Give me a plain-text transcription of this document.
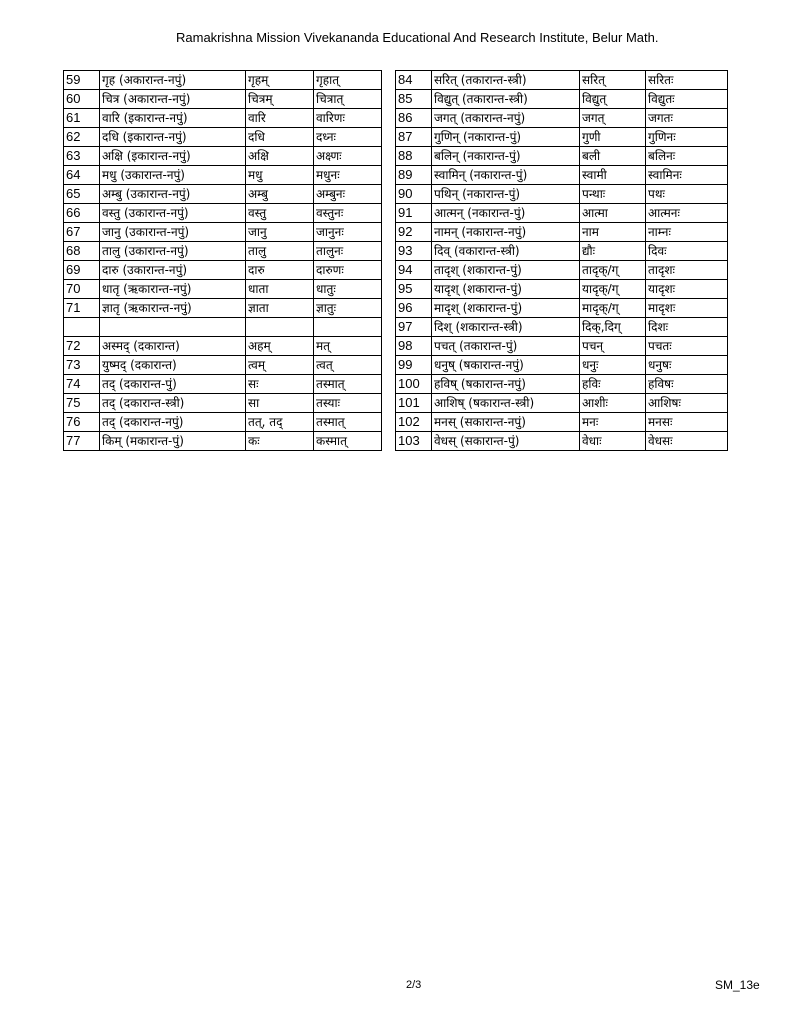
Ramakrishna Mission Vivekananda Educational And Research Institute, Belur Math.
59	गृह (अकारान्त-नपुं)	गृहम्	गृहात्
60	चित्र (अकारान्त-नपुं)	चित्रम्	चित्रात्
61	वारि (इकारान्त-नपुं)	वारि	वारिणः
62	दधि (इकारान्त-नपुं)	दधि	दध्नः
63	अक्षि (इकारान्त-नपुं)	अक्षि	अक्ष्णः
64	मधु (उकारान्त-नपुं)	मधु	मधुनः
65	अम्बु (उकारान्त-नपुं)	अम्बु	अम्बुनः
66	वस्तु (उकारान्त-नपुं)	वस्तु	वस्तुनः
67	जानु (उकारान्त-नपुं)	जानु	जानुनः
68	तालु (उकारान्त-नपुं)	तालु	तालुनः
69	दारु (उकारान्त-नपुं)	दारु	दारुणः
70	धातृ (ऋकारान्त-नपुं)	धाता	धातुः
71	ज्ञातृ (ऋकारान्त-नपुं)	ज्ञाता	ज्ञातुः

72	अस्मद् (दकारान्त)	अहम्	मत्
73	युष्मद् (दकारान्त)	त्वम्	त्वत्
74	तद् (दकारान्त-पुं)	सः	तस्मात्
75	तद् (दकारान्त-स्त्री)	सा	तस्याः
76	तद् (दकारान्त-नपुं)	तत्, तद्	तस्मात्
77	किम् (मकारान्त-पुं)	कः	कस्मात्
84	सरित् (तकारान्त-स्त्री)	सरित्	सरितः
85	विद्युत् (तकारान्त-स्त्री)	विद्युत्	विद्युतः
86	जगत् (तकारान्त-नपुं)	जगत्	जगतः
87	गुणिन् (नकारान्त-पुं)	गुणी	गुणिनः
88	बलिन् (नकारान्त-पुं)	बली	बलिनः
89	स्वामिन् (नकारान्त-पुं)	स्वामी	स्वामिनः
90	पथिन् (नकारान्त-पुं)	पन्थाः	पथः
91	आत्मन् (नकारान्त-पुं)	आत्मा	आत्मनः
92	नामन् (नकारान्त-नपुं)	नाम	नाम्नः
93	दिव् (वकारान्त-स्त्री)	द्यौः	दिवः
94	तादृश् (शकारान्त-पुं)	तादृक्/ग्	तादृशः
95	यादृश् (शकारान्त-पुं)	यादृक्/ग्	यादृशः
96	मादृश् (शकारान्त-पुं)	मादृक्/ग्	मादृशः
97	दिश् (शकारान्त-स्त्री)	दिक्,दिग्	दिशः
98	पचत् (तकारान्त-पुं)	पचन्	पचतः
99	धनुष् (षकारान्त-नपुं)	धनुः	धनुषः
100	हविष् (षकारान्त-नपुं)	हविः	हविषः
101	आशिष् (षकारान्त-स्त्री)	आशीः	आशिषः
102	मनस् (सकारान्त-नपुं)	मनः	मनसः
103	वेधस् (सकारान्त-पुं)	वेधाः	वेधसः
2/3	SM_13e
